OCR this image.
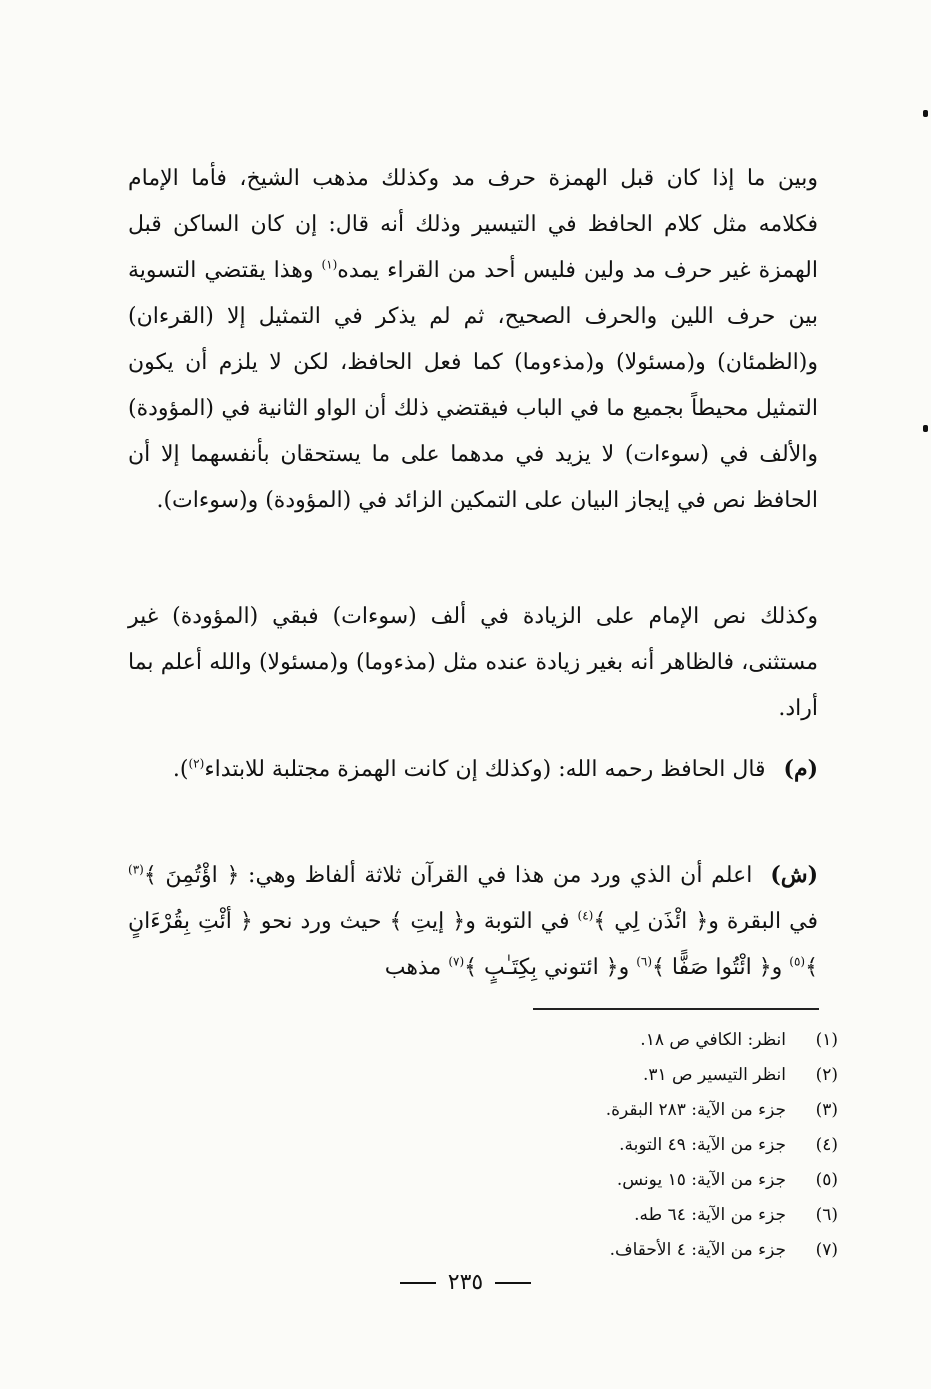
وبين ما إذا كان قبل الهمزة حرف مد وكذلك مذهب الشيخ، فأما الإمام فكلامه مثل كلام الحافظ في التيسير وذلك أنه قال: إن كان الساكن قبل الهمزة غير حرف مد ولين فليس أحد من القراء يمده$^{(١)}$ وهذا يقتضي التسوية بين حرف اللين والحرف الصحيح، ثم لم يذكر في التمثيل إلا (القرءان) و(الظمئان) و(مسئولا) و(مذءوما) كما فعل الحافظ، لكن لا يلزم أن يكون التمثيل محيطاً بجميع ما في الباب فيقتضي ذلك أن الواو الثانية في (المؤودة) والألف في (سوءات) لا يزيد في مدهما على ما يستحقان بأنفسهما إلا أن الحافظ نص في إيجاز البيان على التمكين الزائد في (المؤودة) و(سوءات).

وكذلك نص الإمام على الزيادة في ألف (سوءات) فبقي (المؤودة) غير مستثنى، فالظاهر أنه بغير زيادة عنده مثل (مذءوما) و(مسئولا) والله أعلم بما أراد.

(م)قال الحافظ رحمه الله: (وكذلك إن كانت الهمزة مجتلبة للابتداء$^{(٢)}$).

(ش)اعلم أن الذي ورد من هذا في القرآن ثلاثة ألفاظ وهي: ﴿ اؤْتُمِنَ ﴾$^{(٣)}$ في البقرة و﴿ ائْذَن لِي ﴾$^{(٤)}$ في التوبة و﴿ إيتِ ﴾ حيث ورد نحو ﴿ أئْتِ بِقُرْءَانٍ ﴾$^{(٥)}$ و﴿ ائْتُوا صَفًّا ﴾$^{(٦)}$ و﴿ ائتوني بِكِتَـٰبٍ ﴾$^{(٧)}$ مذهب

(١)
انظر: الكافي ص ١٨.
(٢)
انظر التيسير ص ٣١.
(٣)
جزء من الآية: ٢٨٣ البقرة.
(٤)
جزء من الآية: ٤٩ التوبة.
(٥)
جزء من الآية: ١٥ يونس.
(٦)
جزء من الآية: ٦٤ طه.
(٧)
جزء من الآية: ٤ الأحقاف.
٢٣٥
